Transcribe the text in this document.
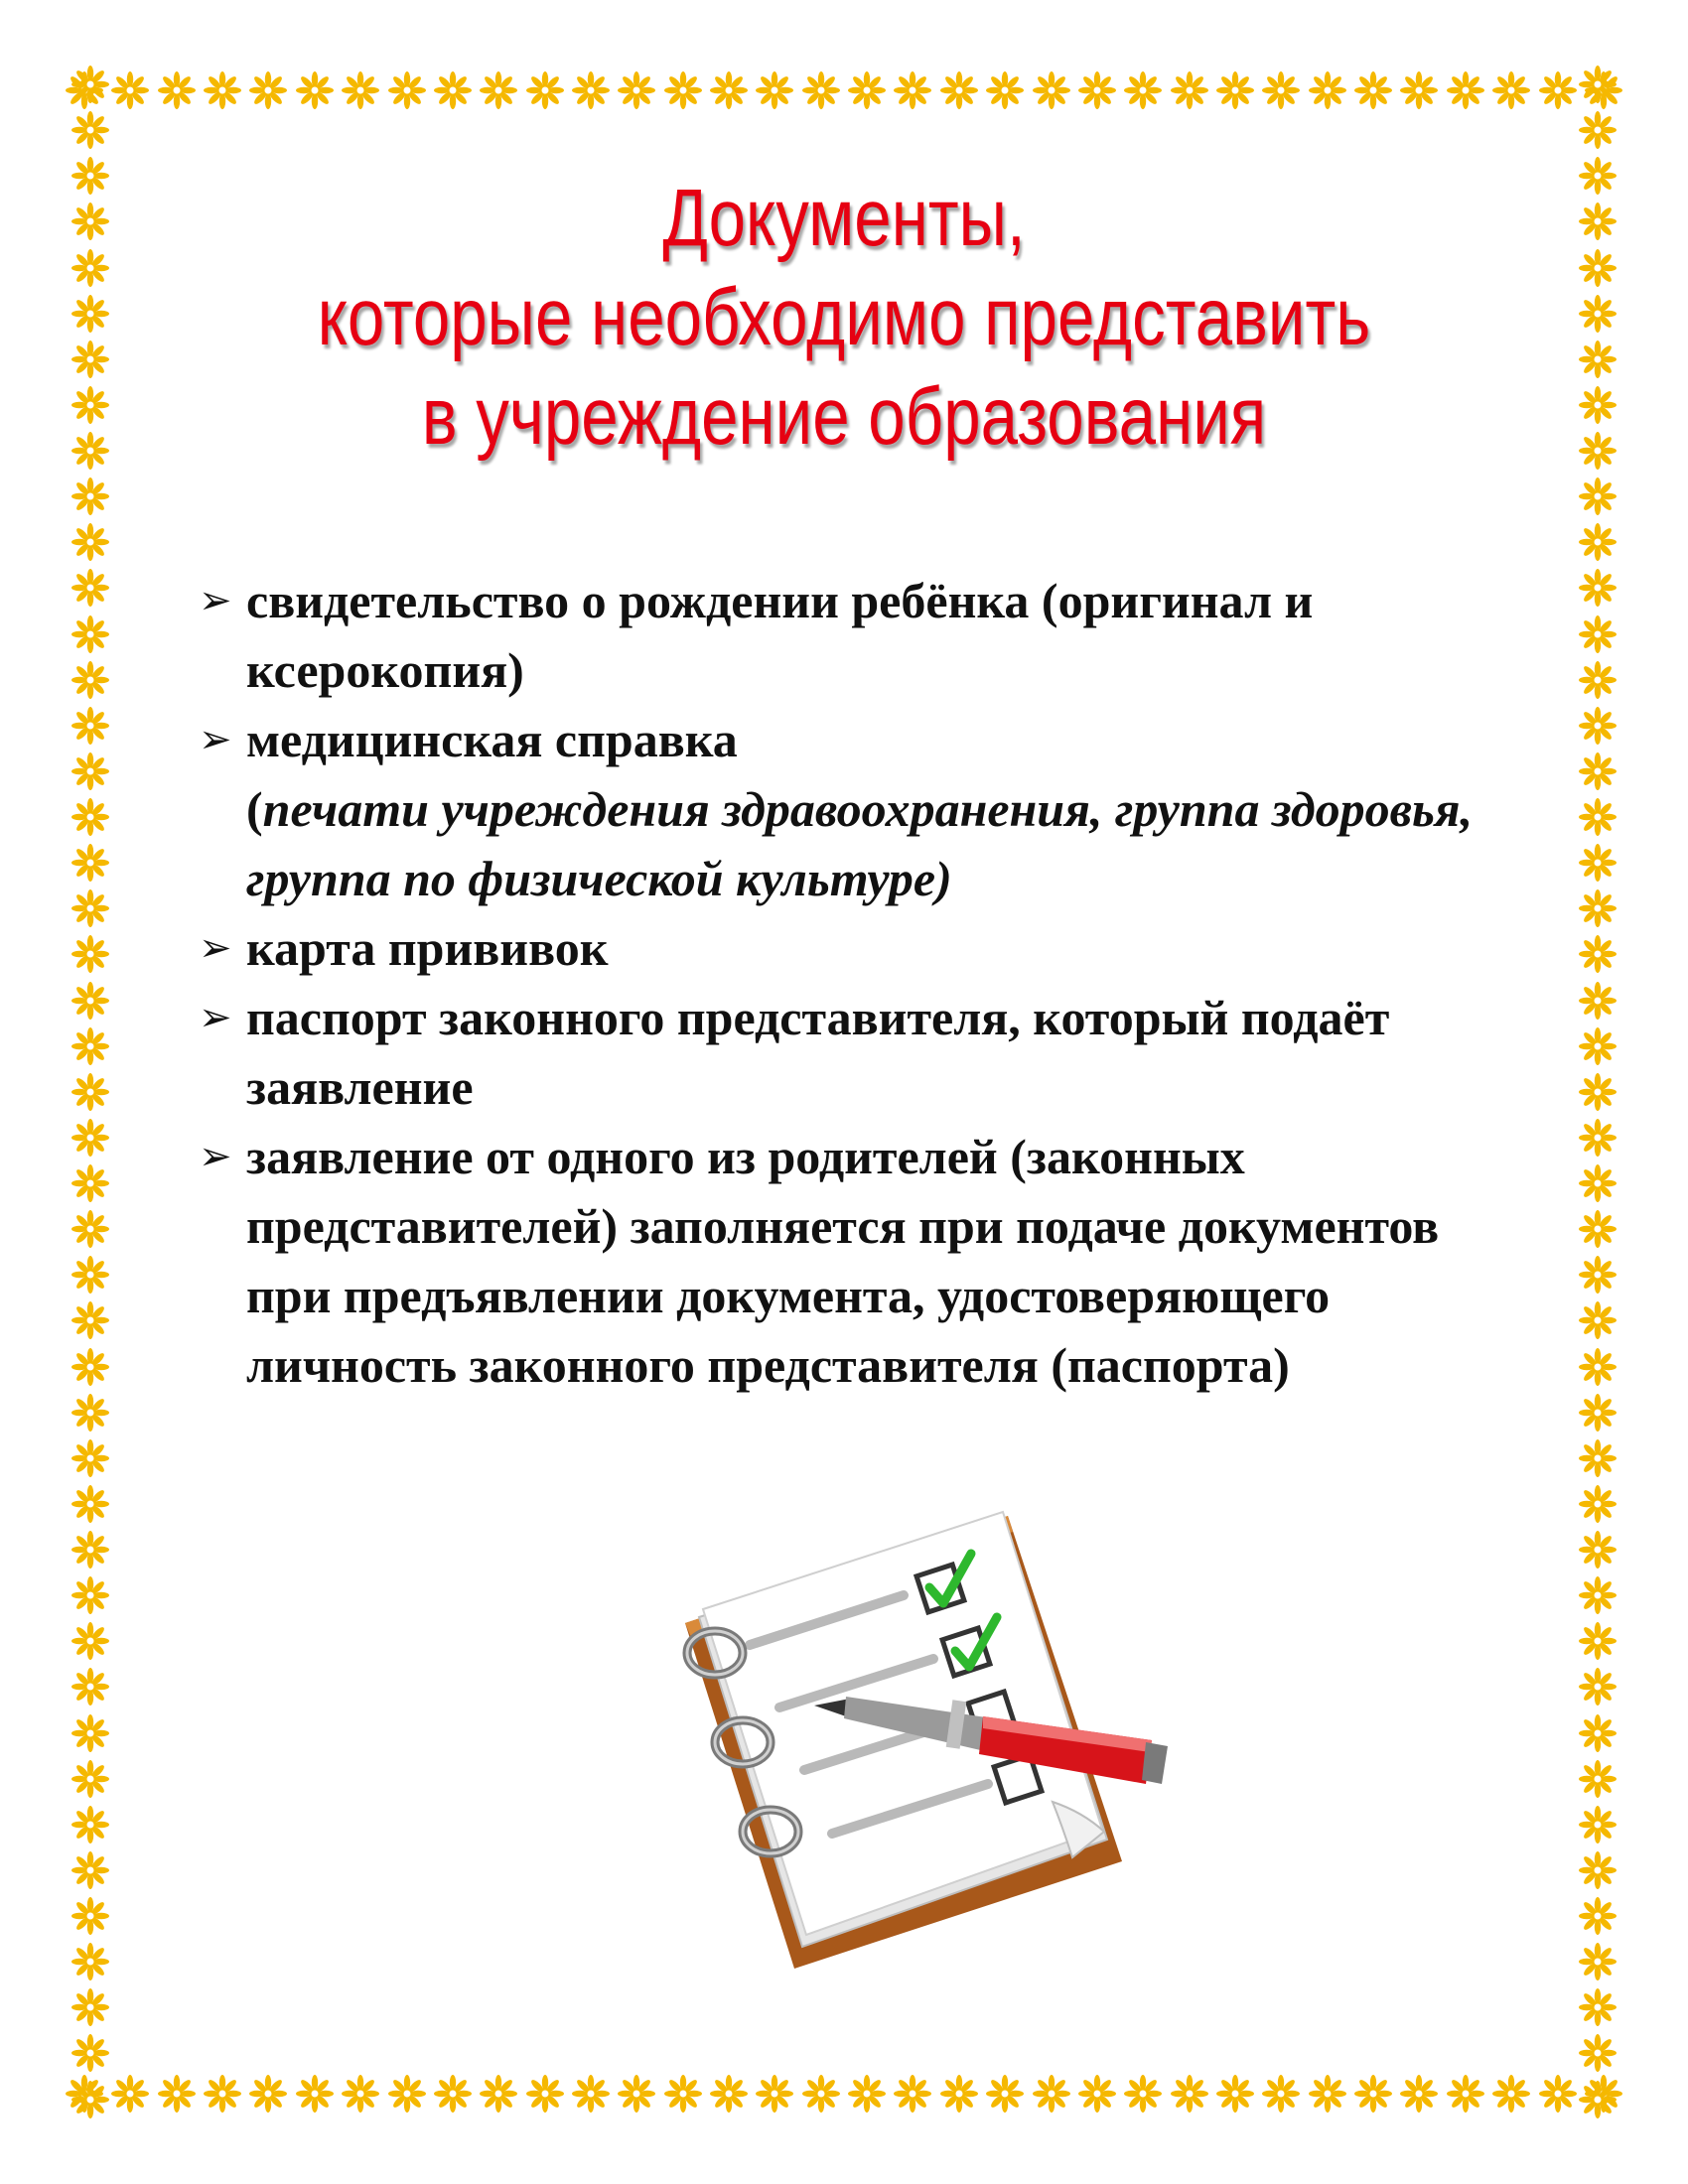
Документы,
которые необходимо представить
в учреждение образования
➢ свидетельство о рождении ребёнка (оригинал и ксерокопия)
➢ медицинская справка
(печати учреждения здравоохранения, группа здоровья, группа по физической культуре)
➢ карта прививок
➢ паспорт законного представителя, который подаёт заявление
➢ заявление от одного из родителей (законных представителей) заполняется при подаче документов при предъявлении документа, удостоверяющего личность законного представителя (паспорта)
